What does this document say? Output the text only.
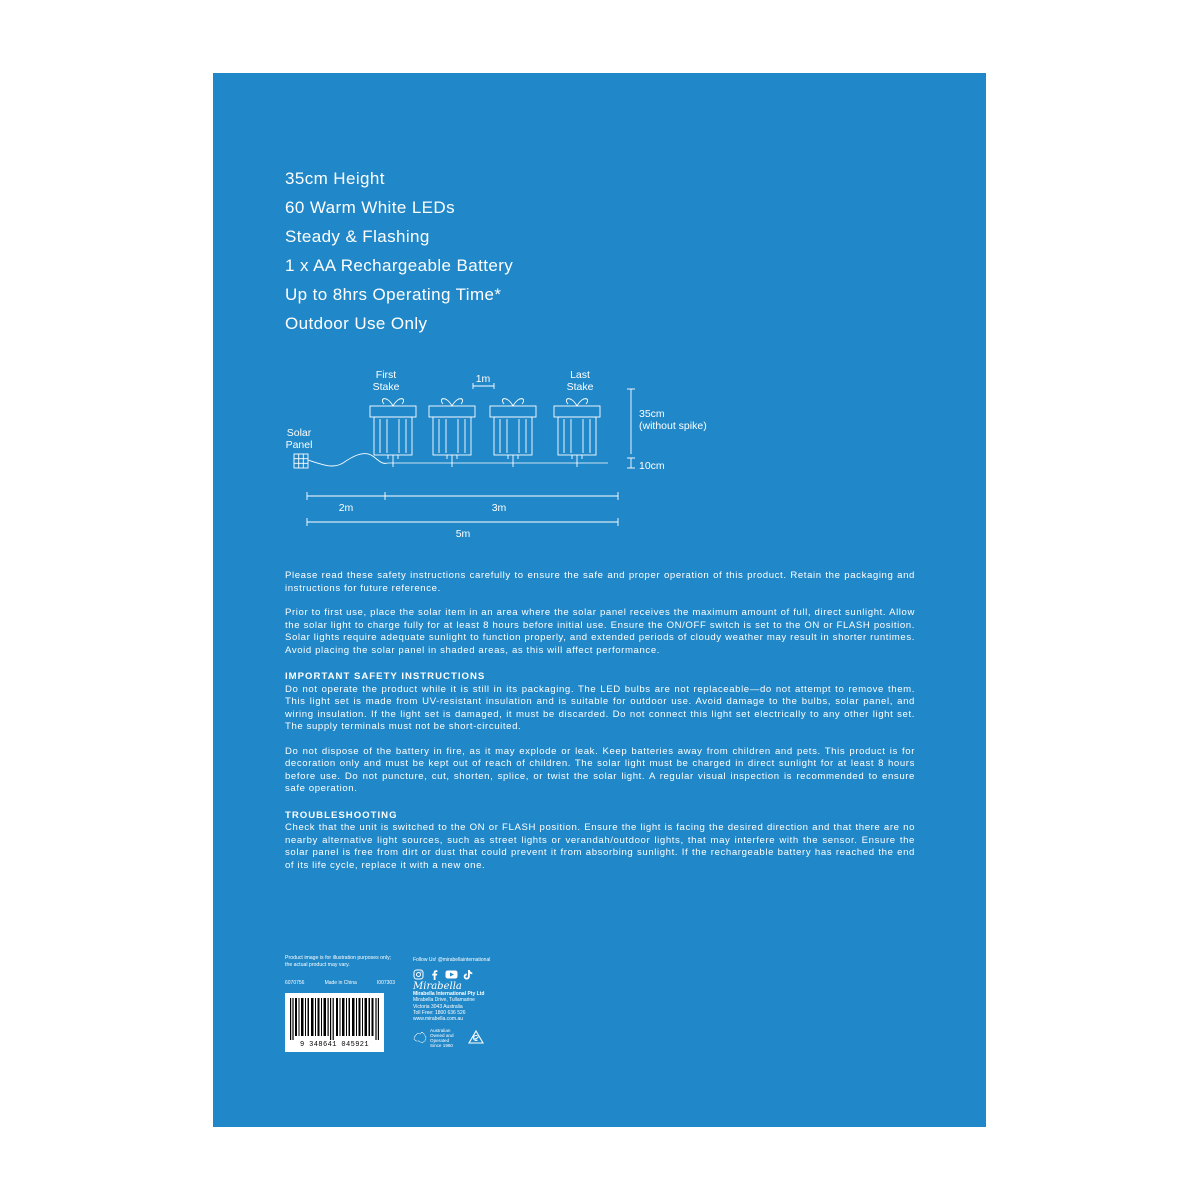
35cm Height
60 Warm White LEDs
Steady & Flashing
1 x AA Rechargeable Battery
Up to 8hrs Operating Time*
Outdoor Use Only
First
Stake
1m	Last
Stake
35cm
(without spike)
10cm
Solar
Panel
2m	3m
5m

Please read these safety instructions carefully to ensure the safe and proper operation of this product. Retain the packaging and instructions for future reference.

Prior to first use, place the solar item in an area where the solar panel receives the maximum amount of full, direct sunlight. Allow the solar light to charge fully for at least 8 hours before initial use. Ensure the ON/OFF switch is set to the ON or FLASH position. Solar lights require adequate sunlight to function properly, and extended periods of cloudy weather may result in shorter runtimes. Avoid placing the solar panel in shaded areas, as this will affect performance.

IMPORTANT SAFETY INSTRUCTIONS

Do not operate the product while it is still in its packaging. The LED bulbs are not replaceable—do not attempt to remove them. This light set is made from UV-resistant insulation and is suitable for outdoor use. Avoid damage to the bulbs, solar panel, and wiring insulation. If the light set is damaged, it must be discarded. Do not connect this light set electrically to any other light set. The supply terminals must not be short-circuited.

Do not dispose of the battery in fire, as it may explode or leak. Keep batteries away from children and pets. This product is for decoration only and must be kept out of reach of children. The solar light must be charged in direct sunlight for at least 8 hours before use. Do not puncture, cut, shorten, splice, or twist the solar light. A regular visual inspection is recommended to ensure safe operation.

TROUBLESHOOTING

Check that the unit is switched to the ON or FLASH position. Ensure the light is facing the desired direction and that there are no nearby alternative light sources, such as street lights or verandah/outdoor lights, that may interfere with the sensor. Ensure the solar panel is free from dirt or dust that could prevent it from absorbing sunlight. If the rechargeable battery has reached the end of its life cycle, replace it with a new one.

Product image is for illustration purposes only; the actual product may vary.
6070756	Made in China	I007303
9 348641 045921
Follow Us! @mirabellainternational
Mirabella
Mirabella International Pty Ltd
Mirabella Drive, Tullamarine
Victoria 3043 Australia
Toll Free: 1800 636 526
www.mirabella.com.au
Australian
Owned and
Operated
Since 1960
